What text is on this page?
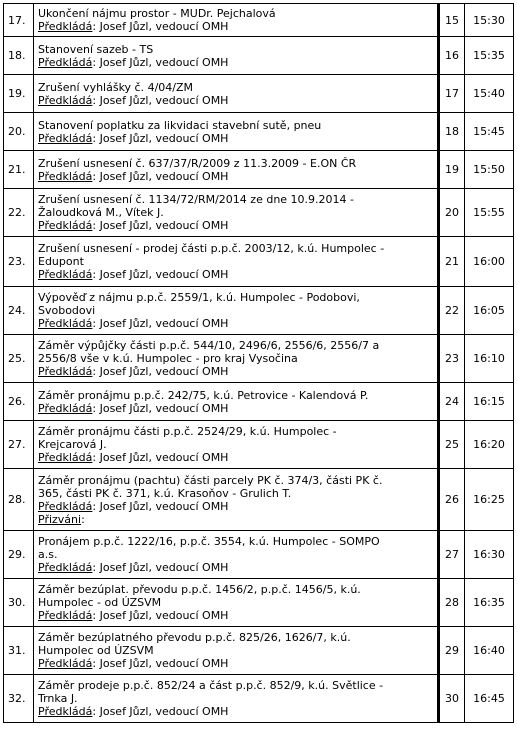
17.	Ukončení nájmu prostor - MUDr. Pejchalová
Předkládá: Josef Jůzl, vedoucí OMH	15	15:30
18.	Stanovení sazeb - TS
Předkládá: Josef Jůzl, vedoucí OMH	16	15:35
19.	Zrušení vyhlášky č. 4/04/ZM
Předkládá: Josef Jůzl, vedoucí OMH	17	15:40
20.	Stanovení poplatku za likvidaci stavební sutě, pneu
Předkládá: Josef Jůzl, vedoucí OMH	18	15:45
21.	Zrušení usnesení č. 637/37/R/2009 z 11.3.2009 - E.ON ČR
Předkládá: Josef Jůzl, vedoucí OMH	19	15:50
22.	Zrušení usnesení č. 1134/72/RM/2014 ze dne 10.9.2014 -
Žaloudková M., Vítek J.
Předkládá: Josef Jůzl, vedoucí OMH	20	15:55
23.	Zrušení usnesení - prodej části p.p.č. 2003/12, k.ú. Humpolec -
Edupont
Předkládá: Josef Jůzl, vedoucí OMH	21	16:00
24.	Výpověď z nájmu p.p.č. 2559/1, k.ú. Humpolec - Podobovi,
Svobodovi
Předkládá: Josef Jůzl, vedoucí OMH	22	16:05
25.	Záměr výpůjčky části p.p.č. 544/10, 2496/6, 2556/6, 2556/7 a
2556/8 vše v k.ú. Humpolec - pro kraj Vysočina
Předkládá: Josef Jůzl, vedoucí OMH	23	16:10
26.	Záměr pronájmu p.p.č. 242/75, k.ú. Petrovice - Kalendová P.
Předkládá: Josef Jůzl, vedoucí OMH	24	16:15
27.	Záměr pronájmu části p.p.č. 2524/29, k.ú. Humpolec -
Krejcarová J.
Předkládá: Josef Jůzl, vedoucí OMH	25	16:20
28.	Záměr pronájmu (pachtu) části parcely PK č. 374/3, části PK č.
365, části PK č. 371, k.ú. Krasoňov - Grulich T.
Předkládá: Josef Jůzl, vedoucí OMH
Přizváni:	26	16:25
29.	Pronájem p.p.č. 1222/16, p.p.č. 3554, k.ú. Humpolec - SOMPO
a.s.
Předkládá: Josef Jůzl, vedoucí OMH	27	16:30
30.	Záměr bezúplat. převodu p.p.č. 1456/2, p.p.č. 1456/5, k.ú.
Humpolec - od ÚZSVM
Předkládá: Josef Jůzl, vedoucí OMH	28	16:35
31.	Záměr bezúplatného převodu p.p.č. 825/26, 1626/7, k.ú.
Humpolec od ÚZSVM
Předkládá: Josef Jůzl, vedoucí OMH	29	16:40
32.	Záměr prodeje p.p.č. 852/24 a část p.p.č. 852/9, k.ú. Světlice -
Trnka J.
Předkládá: Josef Jůzl, vedoucí OMH	30	16:45
